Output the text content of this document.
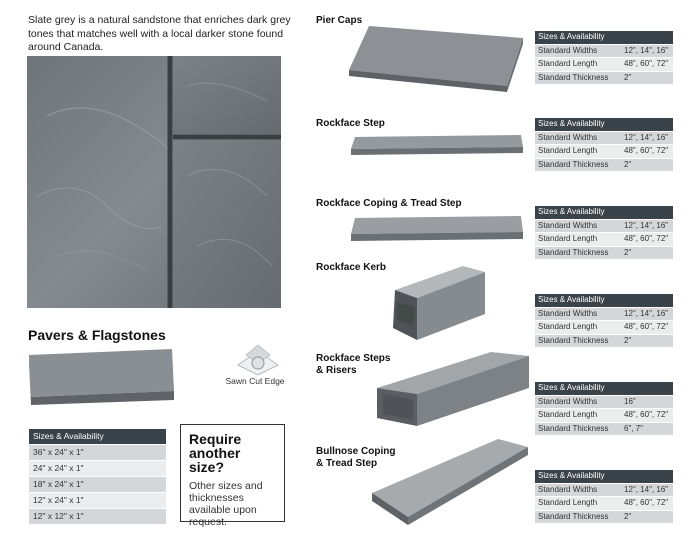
Slate grey is a natural sandstone that enriches dark grey tones that matches well with a local darker stone found around Canada.

Pavers & Flagstones
Sawn Cut Edge
Sizes & Availability
36" x 24" x 1"
24" x 24" x 1"
18" x 24" x 1"
12" x 24" x 1"
12" x 12" x 1"
Require another size?
Other sizes and thicknesses available upon request.
Pier Caps
Rockface Step
Rockface Coping & Tread Step
Rockface Kerb
Rockface Steps
& Risers
Bullnose Coping
& Tread Step
Sizes & Availability
Standard Widths	12", 14", 16"
Standard Length	48", 60", 72"
Standard Thickness	2"
Sizes & Availability
Standard Widths	12", 14", 16"
Standard Length	48", 60", 72"
Standard Thickness	2"
Sizes & Availability
Standard Widths	12", 14", 16"
Standard Length	48", 60", 72"
Standard Thickness	2"
Sizes & Availability
Standard Widths	12", 14", 16"
Standard Length	48", 60", 72"
Standard Thickness	2"
Sizes & Availability
Standard Widths	16"
Standard Length	48", 60", 72"
Standard Thickness	6", 7"
Sizes & Availability
Standard Widths	12", 14", 16"
Standard Length	48", 60", 72"
Standard Thickness	2"
